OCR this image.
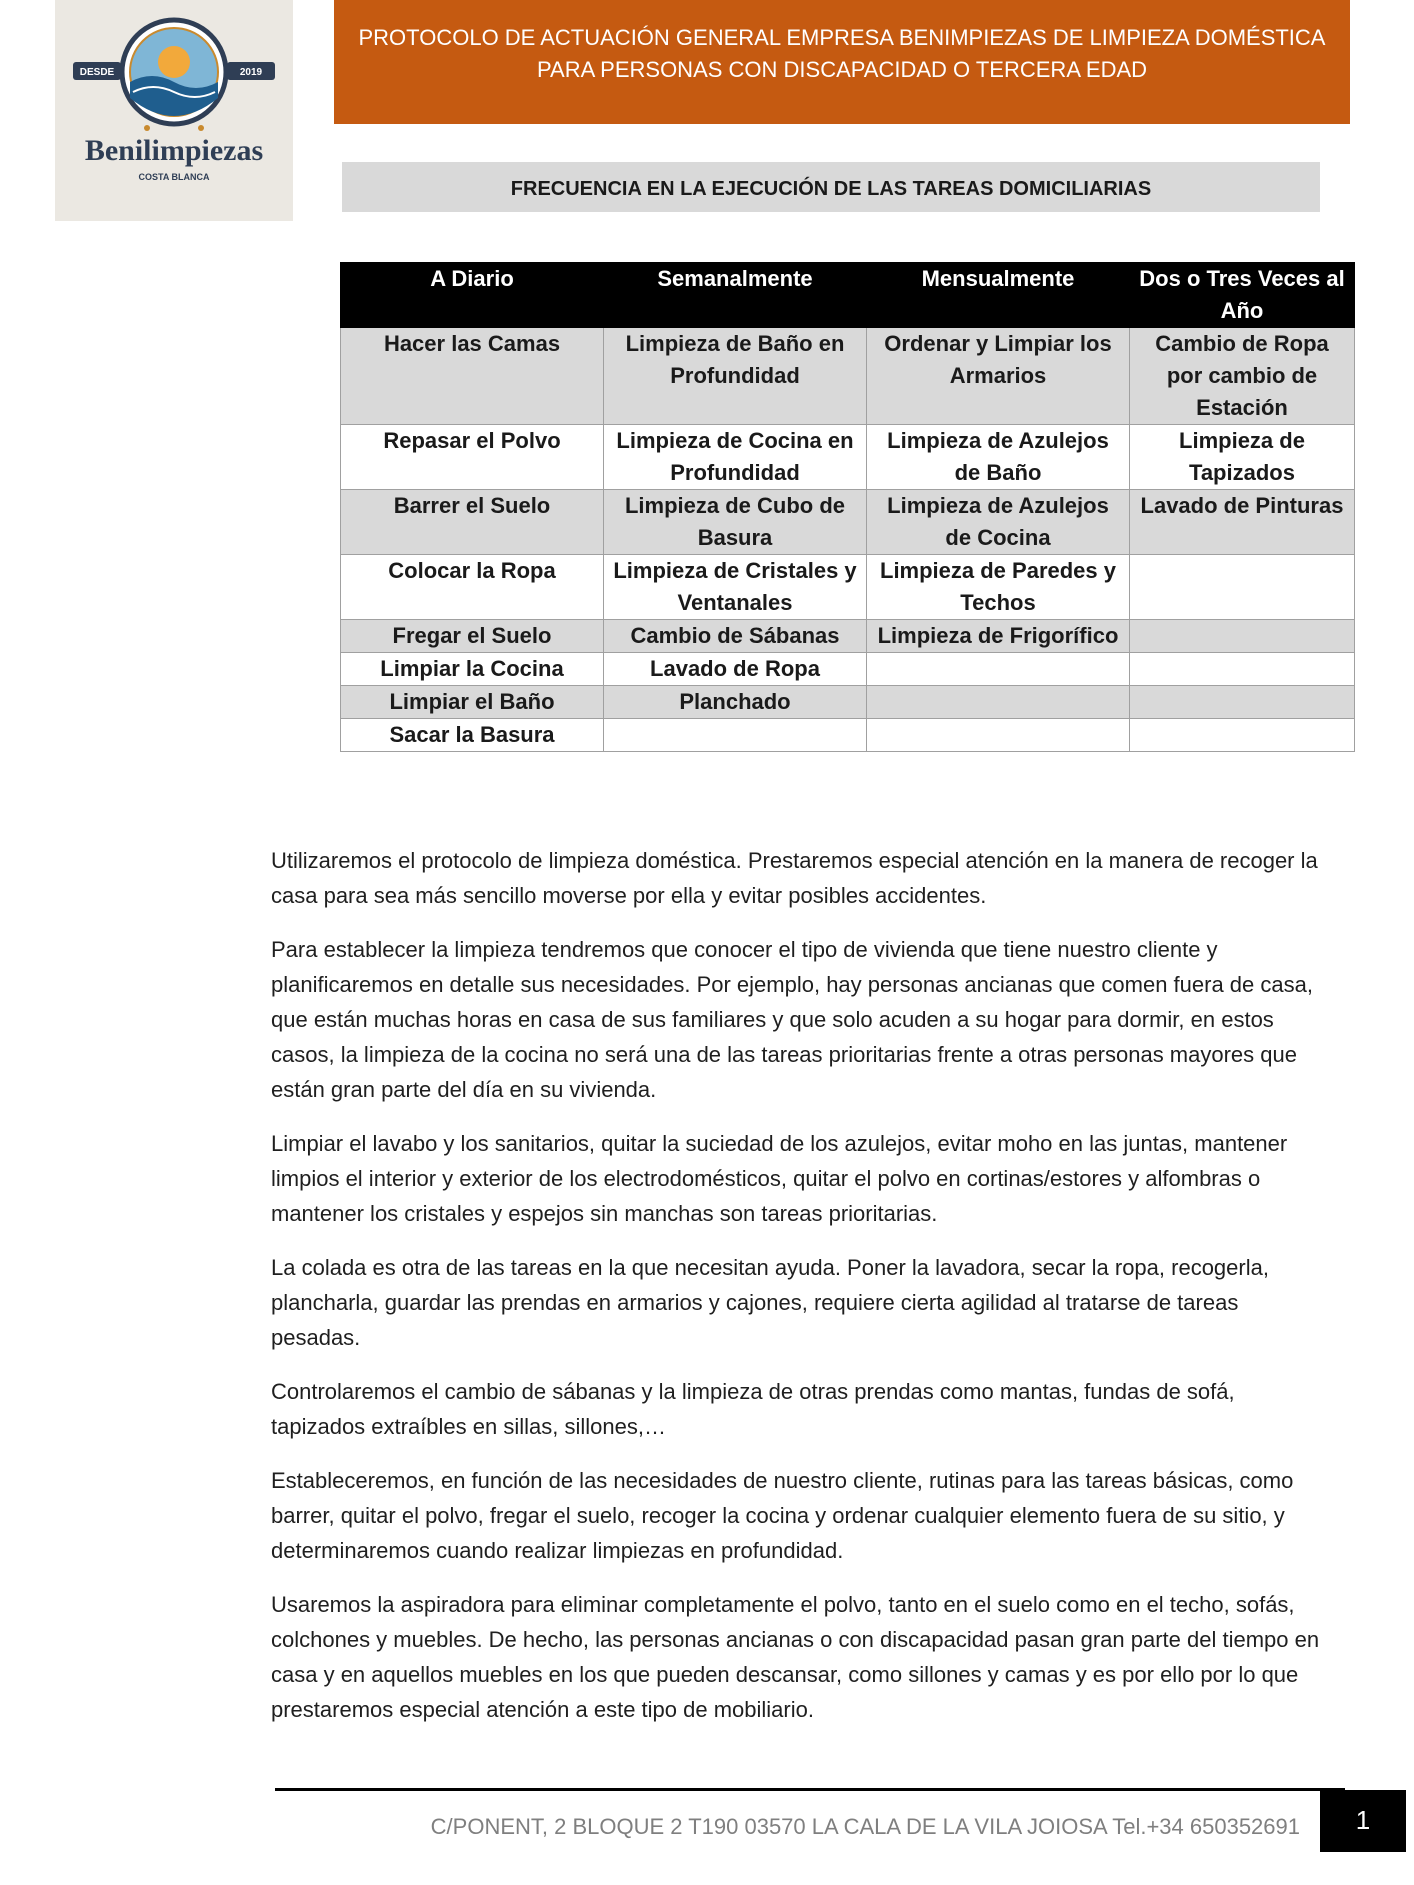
DESDE	2019
Benilimpiezas
COSTA BLANCA
PROTOCOLO DE ACTUACIÓN GENERAL EMPRESA BENIMPIEZAS DE LIMPIEZA DOMÉSTICA
PARA PERSONAS CON DISCAPACIDAD O TERCERA EDAD
FRECUENCIA EN LA EJECUCIÓN DE LAS TAREAS DOMICILIARIAS
A Diario	Semanalmente	Mensualmente	Dos o Tres Veces al Año
Hacer las Camas	Limpieza de Baño en Profundidad	Ordenar y Limpiar los Armarios	Cambio de Ropa por cambio de Estación
Repasar el Polvo	Limpieza de Cocina en Profundidad	Limpieza de Azulejos de Baño	Limpieza de Tapizados
Barrer el Suelo	Limpieza de Cubo de Basura	Limpieza de Azulejos de Cocina	Lavado de Pinturas
Colocar la Ropa	Limpieza de Cristales y Ventanales	Limpieza de Paredes y Techos	
Fregar el Suelo	Cambio de Sábanas	Limpieza de Frigorífico	
Limpiar la Cocina	Lavado de Ropa		
Limpiar el Baño	Planchado		
Sacar la Basura			

Utilizaremos el protocolo de limpieza doméstica. Prestaremos especial atención en la manera de recoger la casa para sea más sencillo moverse por ella y evitar posibles accidentes.

Para establecer la limpieza tendremos que conocer el tipo de vivienda que tiene nuestro cliente y planificaremos en detalle sus necesidades. Por ejemplo, hay personas ancianas que comen fuera de casa, que están muchas horas en casa de sus familiares y que solo acuden a su hogar para dormir, en estos casos, la limpieza de la cocina no será una de las tareas prioritarias frente a otras personas mayores que están gran parte del día en su vivienda.

Limpiar el lavabo y los sanitarios, quitar la suciedad de los azulejos, evitar moho en las juntas, mantener limpios el interior y exterior de los electrodomésticos, quitar el polvo en cortinas/estores y alfombras o mantener los cristales y espejos sin manchas son tareas prioritarias.

La colada es otra de las tareas en la que necesitan ayuda. Poner la lavadora, secar la ropa, recogerla, plancharla, guardar las prendas en armarios y cajones, requiere cierta agilidad al tratarse de tareas pesadas.

Controlaremos el cambio de sábanas y la limpieza de otras prendas como mantas, fundas de sofá, tapizados extraíbles en sillas, sillones,…

Estableceremos, en función de las necesidades de nuestro cliente, rutinas para las tareas básicas, como barrer, quitar el polvo, fregar el suelo, recoger la cocina y ordenar cualquier elemento fuera de su sitio, y determinaremos cuando realizar limpiezas en profundidad.

Usaremos la aspiradora para eliminar completamente el polvo, tanto en el suelo como en el techo, sofás, colchones y muebles. De hecho, las personas ancianas o con discapacidad pasan gran parte del tiempo en casa y en aquellos muebles en los que pueden descansar, como sillones y camas y es por ello por lo que prestaremos especial atención a este tipo de mobiliario.

C/PONENT, 2 BLOQUE 2 T190 03570 LA CALA DE LA VILA JOIOSA Tel.+34 650352691	1
